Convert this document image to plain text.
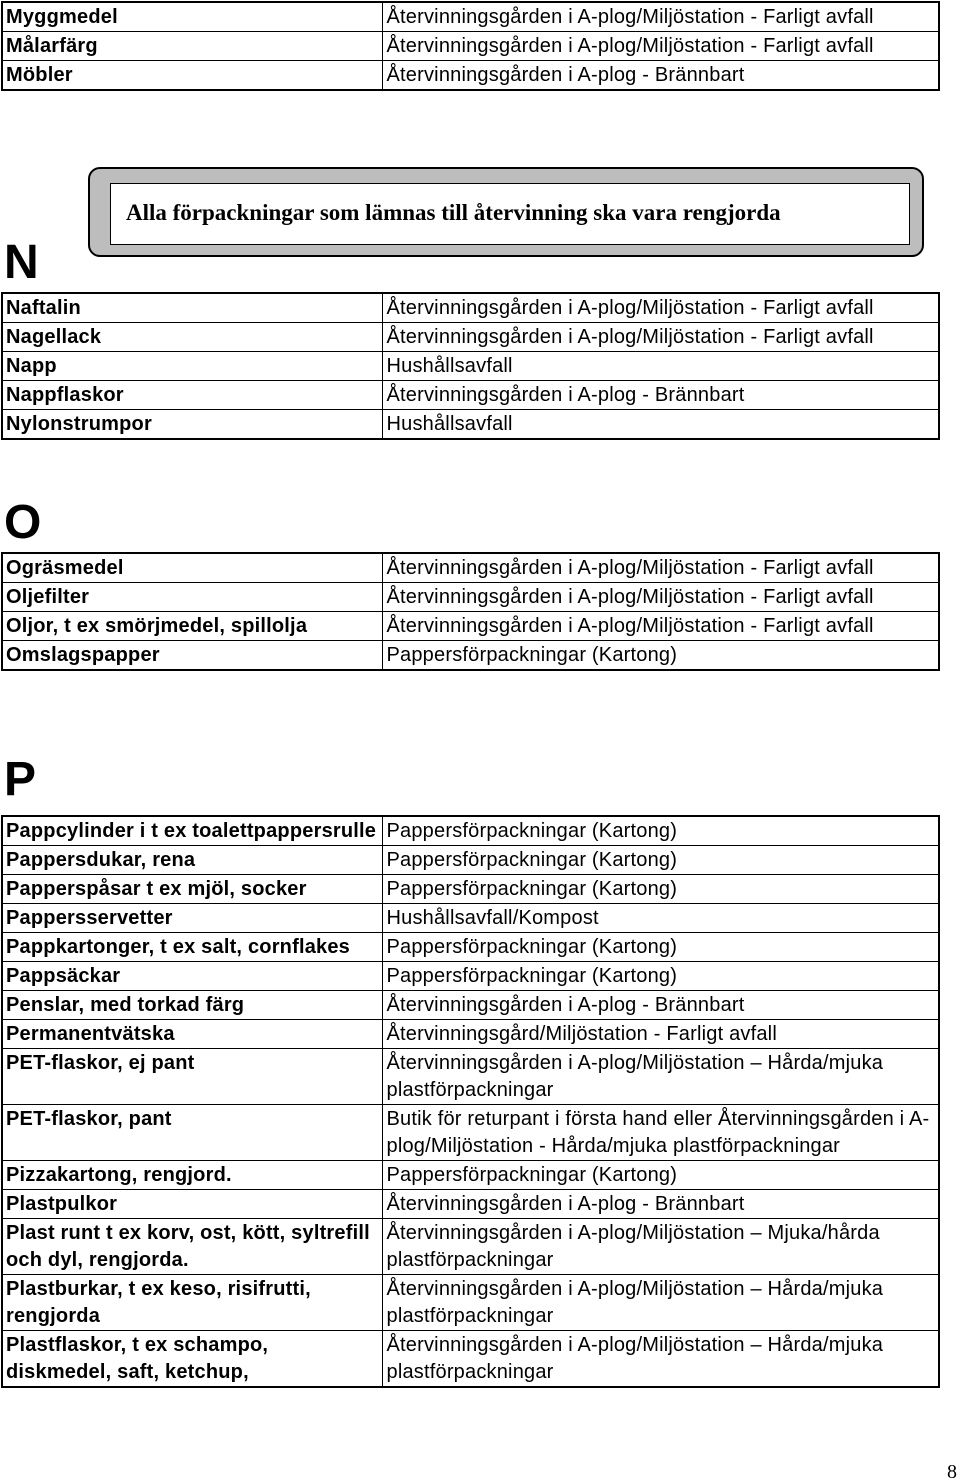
Myggmedel	Återvinningsgården i A-plog/Miljöstation - Farligt avfall
Målarfärg	Återvinningsgården i A-plog/Miljöstation - Farligt avfall
Möbler	Återvinningsgården i A-plog - Brännbart
Alla förpackningar som lämnas till återvinning ska vara rengjorda
N
Naftalin	Återvinningsgården i A-plog/Miljöstation - Farligt avfall
Nagellack	Återvinningsgården i A-plog/Miljöstation - Farligt avfall
Napp	Hushållsavfall
Nappflaskor	Återvinningsgården i A-plog - Brännbart
Nylonstrumpor	Hushållsavfall
O
Ogräsmedel	Återvinningsgården i A-plog/Miljöstation - Farligt avfall
Oljefilter	Återvinningsgården i A-plog/Miljöstation - Farligt avfall
Oljor, t ex smörjmedel, spillolja	Återvinningsgården i A-plog/Miljöstation - Farligt avfall
Omslagspapper	Pappersförpackningar (Kartong)
P
Pappcylinder i t ex toalettpappersrulle	Pappersförpackningar (Kartong)
Pappersdukar, rena	Pappersförpackningar (Kartong)
Papperspåsar t ex mjöl, socker	Pappersförpackningar (Kartong)
Pappersservetter	Hushållsavfall/Kompost
Pappkartonger, t ex salt, cornflakes	Pappersförpackningar (Kartong)
Pappsäckar	Pappersförpackningar (Kartong)
Penslar, med torkad färg	Återvinningsgården i A-plog - Brännbart
Permanentvätska	Återvinningsgård/Miljöstation - Farligt avfall
PET-flaskor, ej pant	Återvinningsgården i A-plog/Miljöstation – Hårda/mjuka plastförpackningar
PET-flaskor, pant	Butik för returpant i första hand eller Återvinningsgården i A-plog/Miljöstation - Hårda/mjuka plastförpackningar
Pizzakartong, rengjord.	Pappersförpackningar (Kartong)
Plastpulkor	Återvinningsgården i A-plog - Brännbart
Plast runt t ex korv, ost, kött, syltrefill och dyl, rengjorda.	Återvinningsgården i A-plog/Miljöstation – Mjuka/hårda plastförpackningar
Plastburkar, t ex keso, risifrutti, rengjorda	Återvinningsgården i A-plog/Miljöstation – Hårda/mjuka plastförpackningar
Plastflaskor, t ex schampo, diskmedel, saft, ketchup,	Återvinningsgården i A-plog/Miljöstation – Hårda/mjuka plastförpackningar
8
